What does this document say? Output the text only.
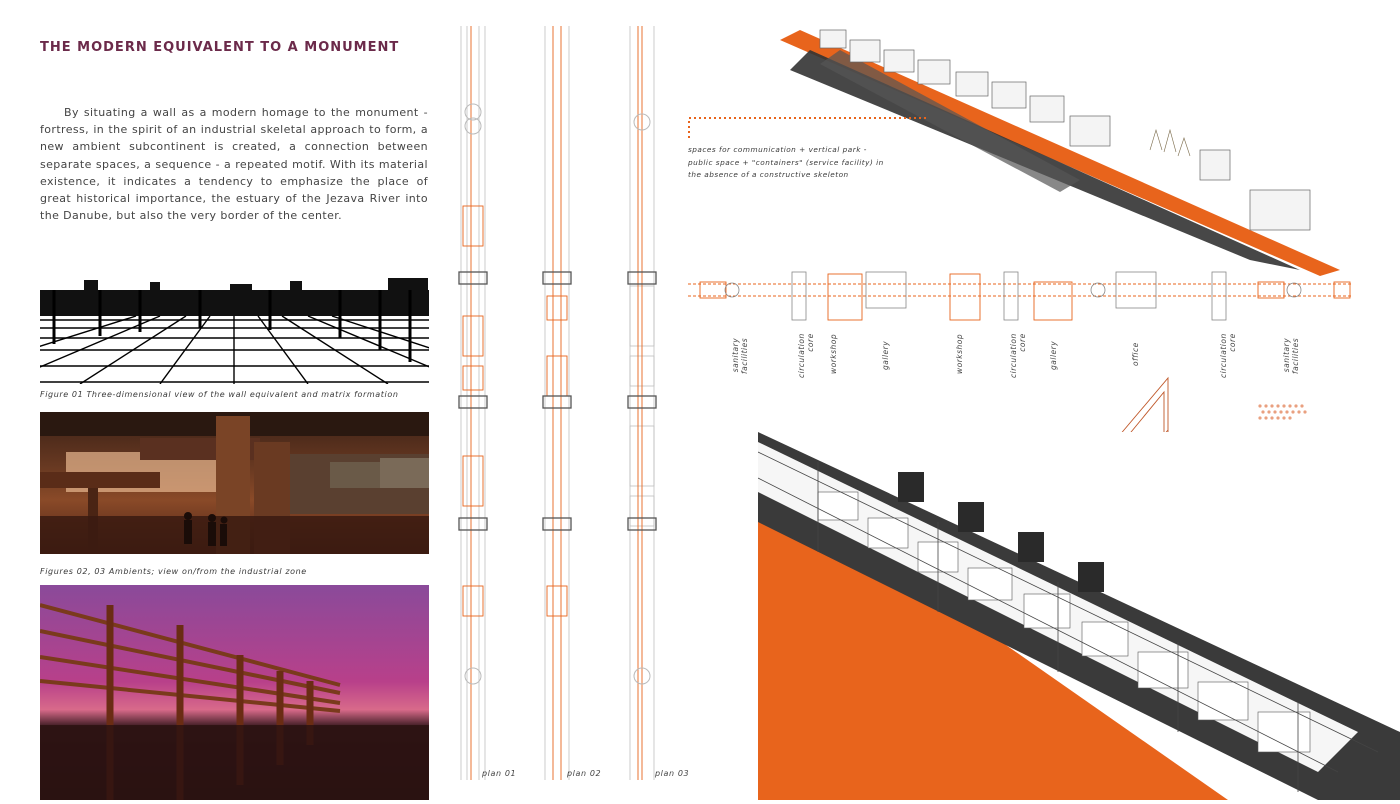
THE MODERN EQUIVALENT TO A MONUMENT
By situating a wall as a modern homage to the monument - fortress, in the spirit of an industrial skeletal approach to form, a new ambient subcontinent is created, a connection between separate spaces, a sequence - a repeated motif. With its material existence, it indicates a tendency to emphasize the place of great historical importance, the estuary of the Jezava River into the Danube, but also the very border of the center.
Figure 01 Three-dimensional view of the wall equivalent and matrix formation
Figures 02, 03 Ambients; view on/from the industrial zone
plan 01	plan 02	plan 03
spaces for communication + vertical park -
public space + "containers" (service facility) in
the absence of a constructive skeleton
sanitary facilities	circulation core workshop	gallery	workshop	circulation core	gallery	office	circulation core	sanitary facilities
